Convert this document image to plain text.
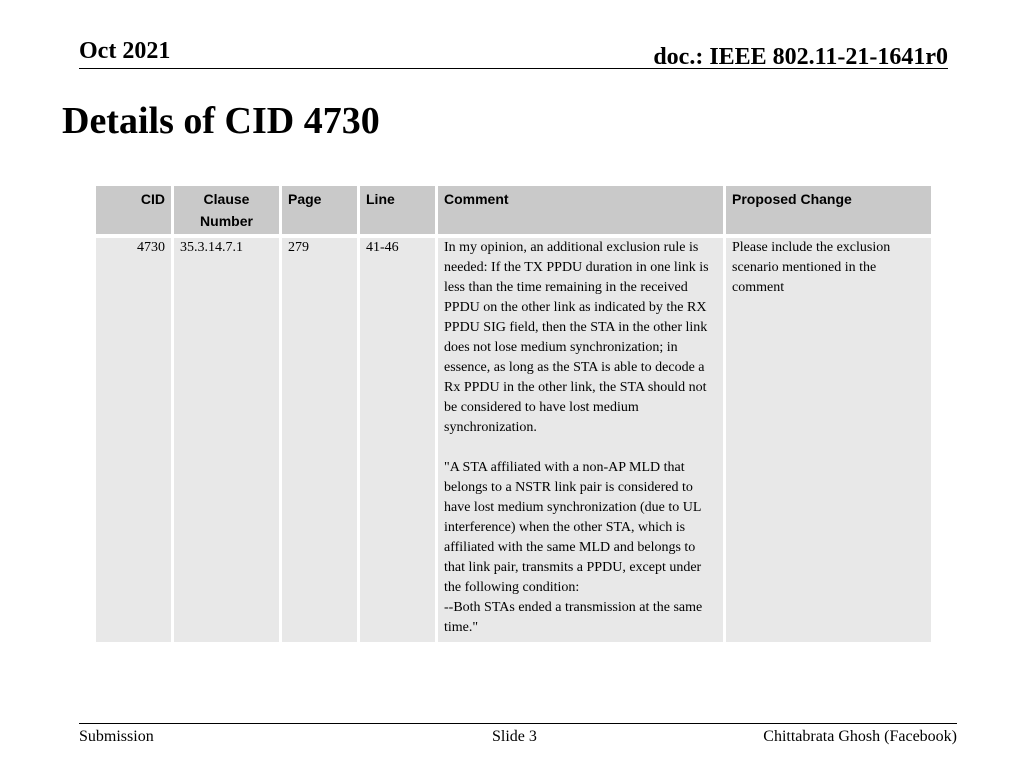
Oct 2021	doc.: IEEE 802.11-21-1641r0
Details of CID 4730
CID	Clause Number	Page	Line	Comment	Proposed Change
4730	35.3.14.7.1	279	41-46	In my opinion, an additional exclusion rule is needed: If the TX PPDU duration in one link is less than the time remaining in the received PPDU on the other link as indicated by the RX PPDU SIG field, then the STA in the other link does not lose medium synchronization; in essence, as long as the STA is able to decode a Rx PPDU in the other link, the STA should not be considered to have lost medium synchronization.

"A STA affiliated with a non-AP MLD that belongs to a NSTR link pair is considered to have lost medium synchronization (due to UL interference) when the other STA, which is affiliated with the same MLD and belongs to that link pair, transmits a PPDU, except under the following condition:
--Both STAs ended a transmission at the same time."	Please include the exclusion scenario mentioned in the comment
Submission	Slide 3	Chittabrata Ghosh (Facebook)
